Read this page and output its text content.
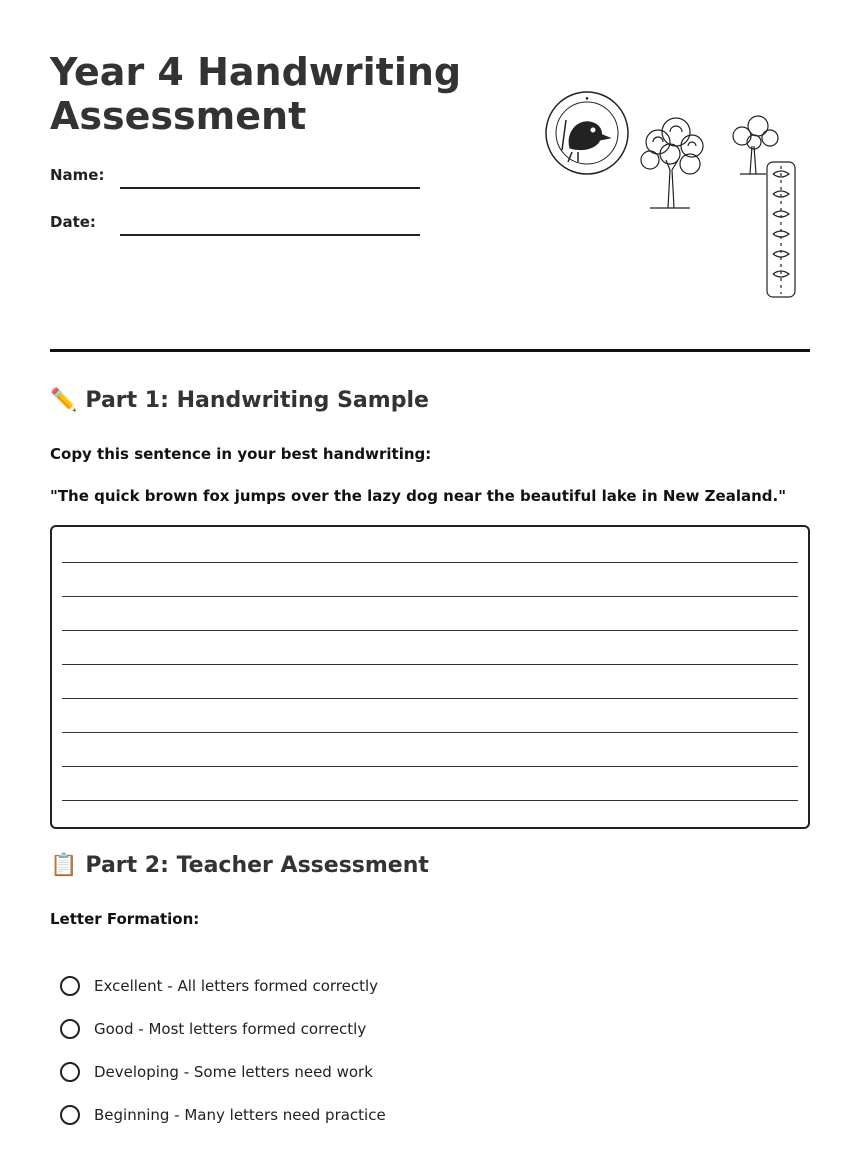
Year 4 Handwriting Assessment
Name:
Date:
•
✏️ Part 1: Handwriting Sample
Copy this sentence in your best handwriting:
"The quick brown fox jumps over the lazy dog near the beautiful lake in New Zealand."
📋 Part 2: Teacher Assessment
Letter Formation:
Excellent - All letters formed correctly
Good - Most letters formed correctly
Developing - Some letters need work
Beginning - Many letters need practice
